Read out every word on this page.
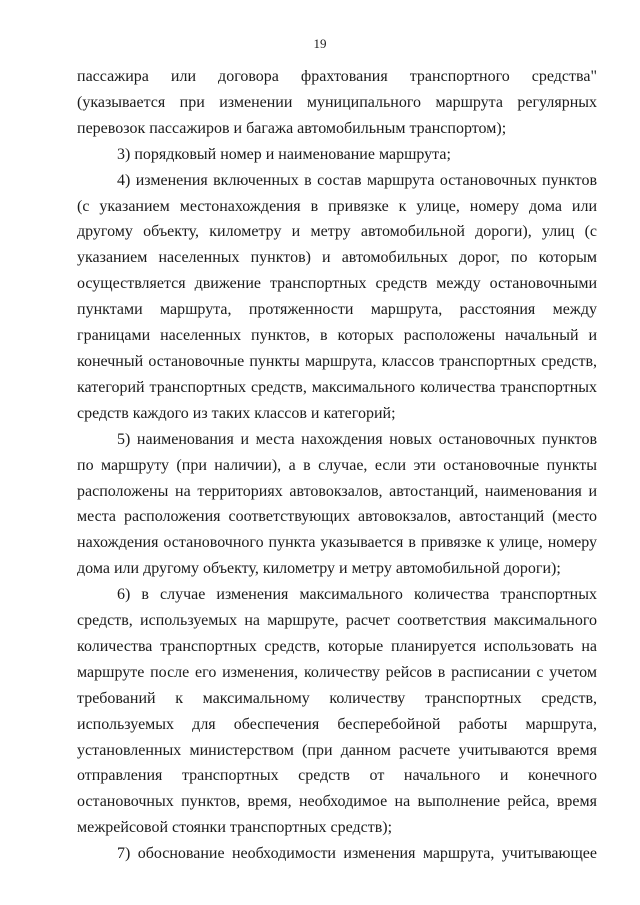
19

пассажира или договора фрахтования транспортного средства" (указывается при изменении муниципального маршрута регулярных перевозок пассажиров и багажа автомобильным транспортом);

3) порядковый номер и наименование маршрута;

4) изменения включенных в состав маршрута остановочных пунктов (с указанием местонахождения в привязке к улице, номеру дома или другому объекту, километру и метру автомобильной дороги), улиц (с указанием населенных пунктов) и автомобильных дорог, по которым осуществляется движение транспортных средств между остановочными пунктами маршрута, протяженности маршрута, расстояния между границами населенных пунктов, в которых расположены начальный и конечный остановочные пункты маршрута, классов транспортных средств, категорий транспортных средств, максимального количества транспортных средств каждого из таких классов и категорий;

5) наименования и места нахождения новых остановочных пунктов по маршруту (при наличии), а в случае, если эти остановочные пункты расположены на территориях автовокзалов, автостанций, наименования и места расположения соответствующих автовокзалов, автостанций (место нахождения остановочного пункта указывается в привязке к улице, номеру дома или другому объекту, километру и метру автомобильной дороги);

6) в случае изменения максимального количества транспортных средств, используемых на маршруте, расчет соответствия максимального количества транспортных средств, которые планируется использовать на маршруте после его изменения, количеству рейсов в расписании с учетом требований к максимальному количеству транспортных средств, используемых для обеспечения бесперебойной работы маршрута, установленных министерством (при данном расчете учитываются время отправления транспортных средств от начального и конечного остановочных пунктов, время, необходимое на выполнение рейса, время межрейсовой стоянки транспортных средств);

7) обоснование необходимости изменения маршрута, учитывающее
